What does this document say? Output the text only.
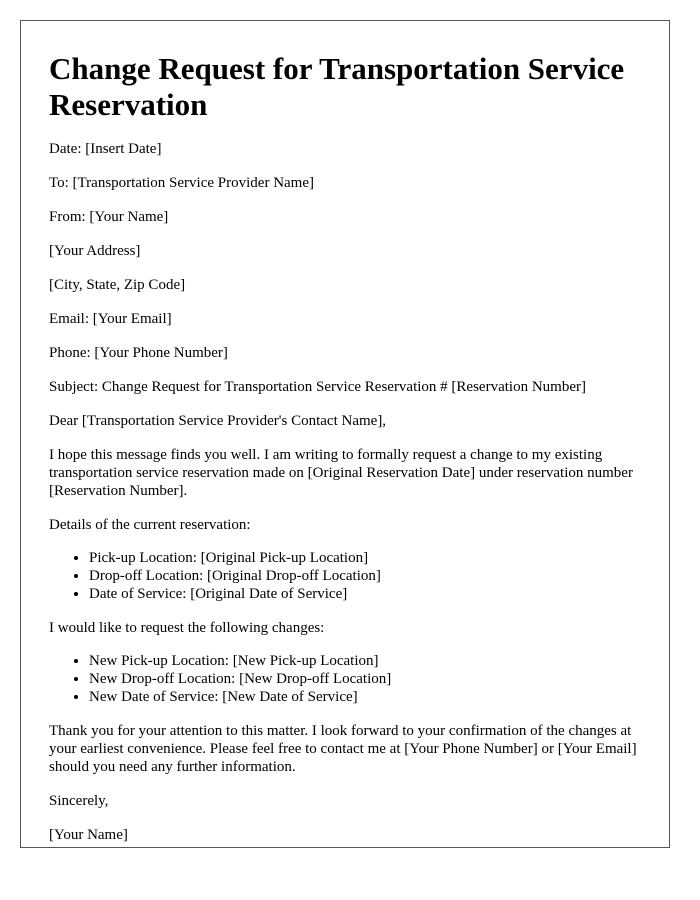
Change Request for Transportation Service Reservation

Date: [Insert Date]

To: [Transportation Service Provider Name]

From: [Your Name]

[Your Address]

[City, State, Zip Code]

Email: [Your Email]

Phone: [Your Phone Number]

Subject: Change Request for Transportation Service Reservation # [Reservation Number]

Dear [Transportation Service Provider's Contact Name],

I hope this message finds you well. I am writing to formally request a change to my existing transportation service reservation made on [Original Reservation Date] under reservation number [Reservation Number].

Details of the current reservation:

• Pick-up Location: [Original Pick-up Location]
• Drop-off Location: [Original Drop-off Location]
• Date of Service: [Original Date of Service]

I would like to request the following changes:

• New Pick-up Location: [New Pick-up Location]
• New Drop-off Location: [New Drop-off Location]
• New Date of Service: [New Date of Service]

Thank you for your attention to this matter. I look forward to your confirmation of the changes at your earliest convenience. Please feel free to contact me at [Your Phone Number] or [Your Email] should you need any further information.

Sincerely,

[Your Name]
